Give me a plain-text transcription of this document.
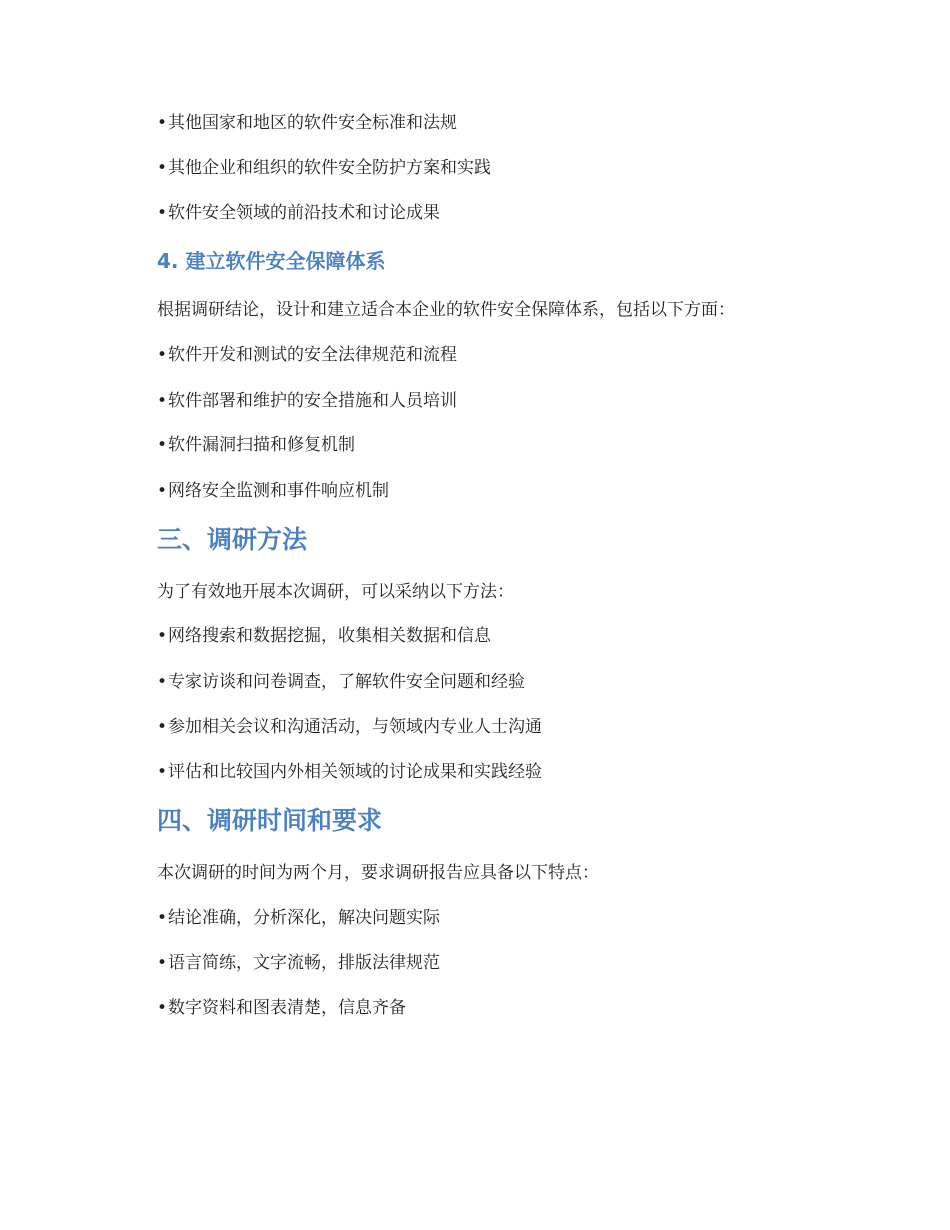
•其他国家和地区的软件安全标准和法规
•其他企业和组织的软件安全防护方案和实践
•软件安全领域的前沿技术和讨论成果
4. 建立软件安全保障体系
根据调研结论，设计和建立适合本企业的软件安全保障体系，包括以下方面：
•软件开发和测试的安全法律规范和流程
•软件部署和维护的安全措施和人员培训
•软件漏洞扫描和修复机制
•网络安全监测和事件响应机制
三、调研方法
为了有效地开展本次调研，可以采纳以下方法：
•网络搜索和数据挖掘，收集相关数据和信息
•专家访谈和问卷调查，了解软件安全问题和经验
•参加相关会议和沟通活动，与领域内专业人士沟通
•评估和比较国内外相关领域的讨论成果和实践经验
四、调研时间和要求
本次调研的时间为两个月，要求调研报告应具备以下特点：
•结论准确，分析深化，解决问题实际
•语言简练，文字流畅，排版法律规范
•数字资料和图表清楚，信息齐备
